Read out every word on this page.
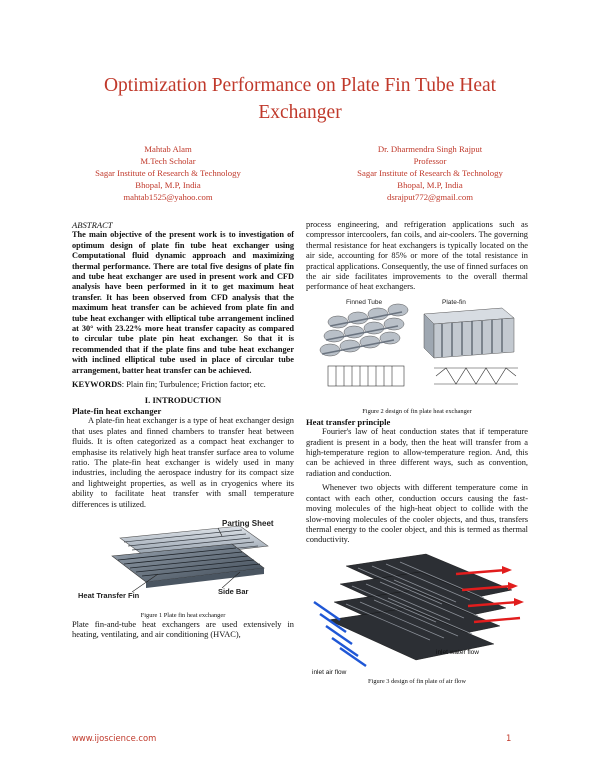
Optimization Performance on Plate Fin Tube Heat Exchanger
Mahtab Alam
M.Tech Scholar
Sagar Institute of Research & Technology
Bhopal, M.P, India
mahtab1525@yahoo.com
Dr. Dharmendra Singh Rajput
Professor
Sagar Institute of Research & Technology
Bhopal, M.P, India
dsrajput772@gmail.com
ABSTRACT
The main objective of the present work is to investigation of optimum design of plate fin tube heat exchanger using Computational fluid dynamic approach and maximizing thermal performance. There are total five designs of plate fin and tube heat exchanger are used in present work and CFD analysis have been performed in it to get maximum heat transfer. It has been observed from CFD analysis that the maximum heat transfer can be achieved from plate fin and tube heat exchanger with elliptical tube arrangement inclined at 30° with 23.22% more heat transfer capacity as compared to circular tube plate pin heat exchanger. So that it is recommended that if the plate fins and tube heat exchanger with inclined elliptical tube used in place of circular tube arrangement, batter heat transfer can be achieved.
KEYWORDS: Plain fin; Turbulence; Friction factor; etc.
I. INTRODUCTION
Plate-fin heat exchanger

A plate-fin heat exchanger is a type of heat exchanger design that uses plates and finned chambers to transfer heat between fluids. It is often categorized as a compact heat exchanger to emphasise its relatively high heat transfer surface area to volume ratio. The plate-fin heat exchanger is widely used in many industries, including the aerospace industry for its compact size and lightweight properties, as well as in cryogenics where its ability to facilitate heat transfer with small temperature differences is utilized.

Parting Sheet
Heat Transfer Fin	Side Bar
Figure 1 Plate fin heat exchanger

Plate fin-and-tube heat exchangers are used extensively in heating, ventilating, and air conditioning (HVAC),

process engineering, and refrigeration applications such as compressor intercoolers, fan coils, and air-coolers. The governing thermal resistance for heat exchangers is typically located on the air side, accounting for 85% or more of the total resistance in practical applications. Consequently, the use of finned surfaces on the air side facilitates improvements to the overall thermal performance of heat exchangers.

Finned Tube	Plate-fin
Figure 2 design of fin plate heat exchanger
Heat transfer principle

Fourier's law of heat conduction states that if temperature gradient is present in a body, then the heat will transfer from a high-temperature region to allow-temperature region. And, this can be achieved in three different ways, such as convention, radiation and conduction.

Whenever two objects with different temperature come in contact with each other, conduction occurs causing the fast-moving molecules of the high-heat object to collide with the slow-moving molecules of the cooler objects, and thus, transfers thermal energy to the cooler object, and this is termed as thermal conductivity.

inlet water flow
inlet air flow
Figure 3 design of fin plate of air flow
www.ijoscience.com	1
